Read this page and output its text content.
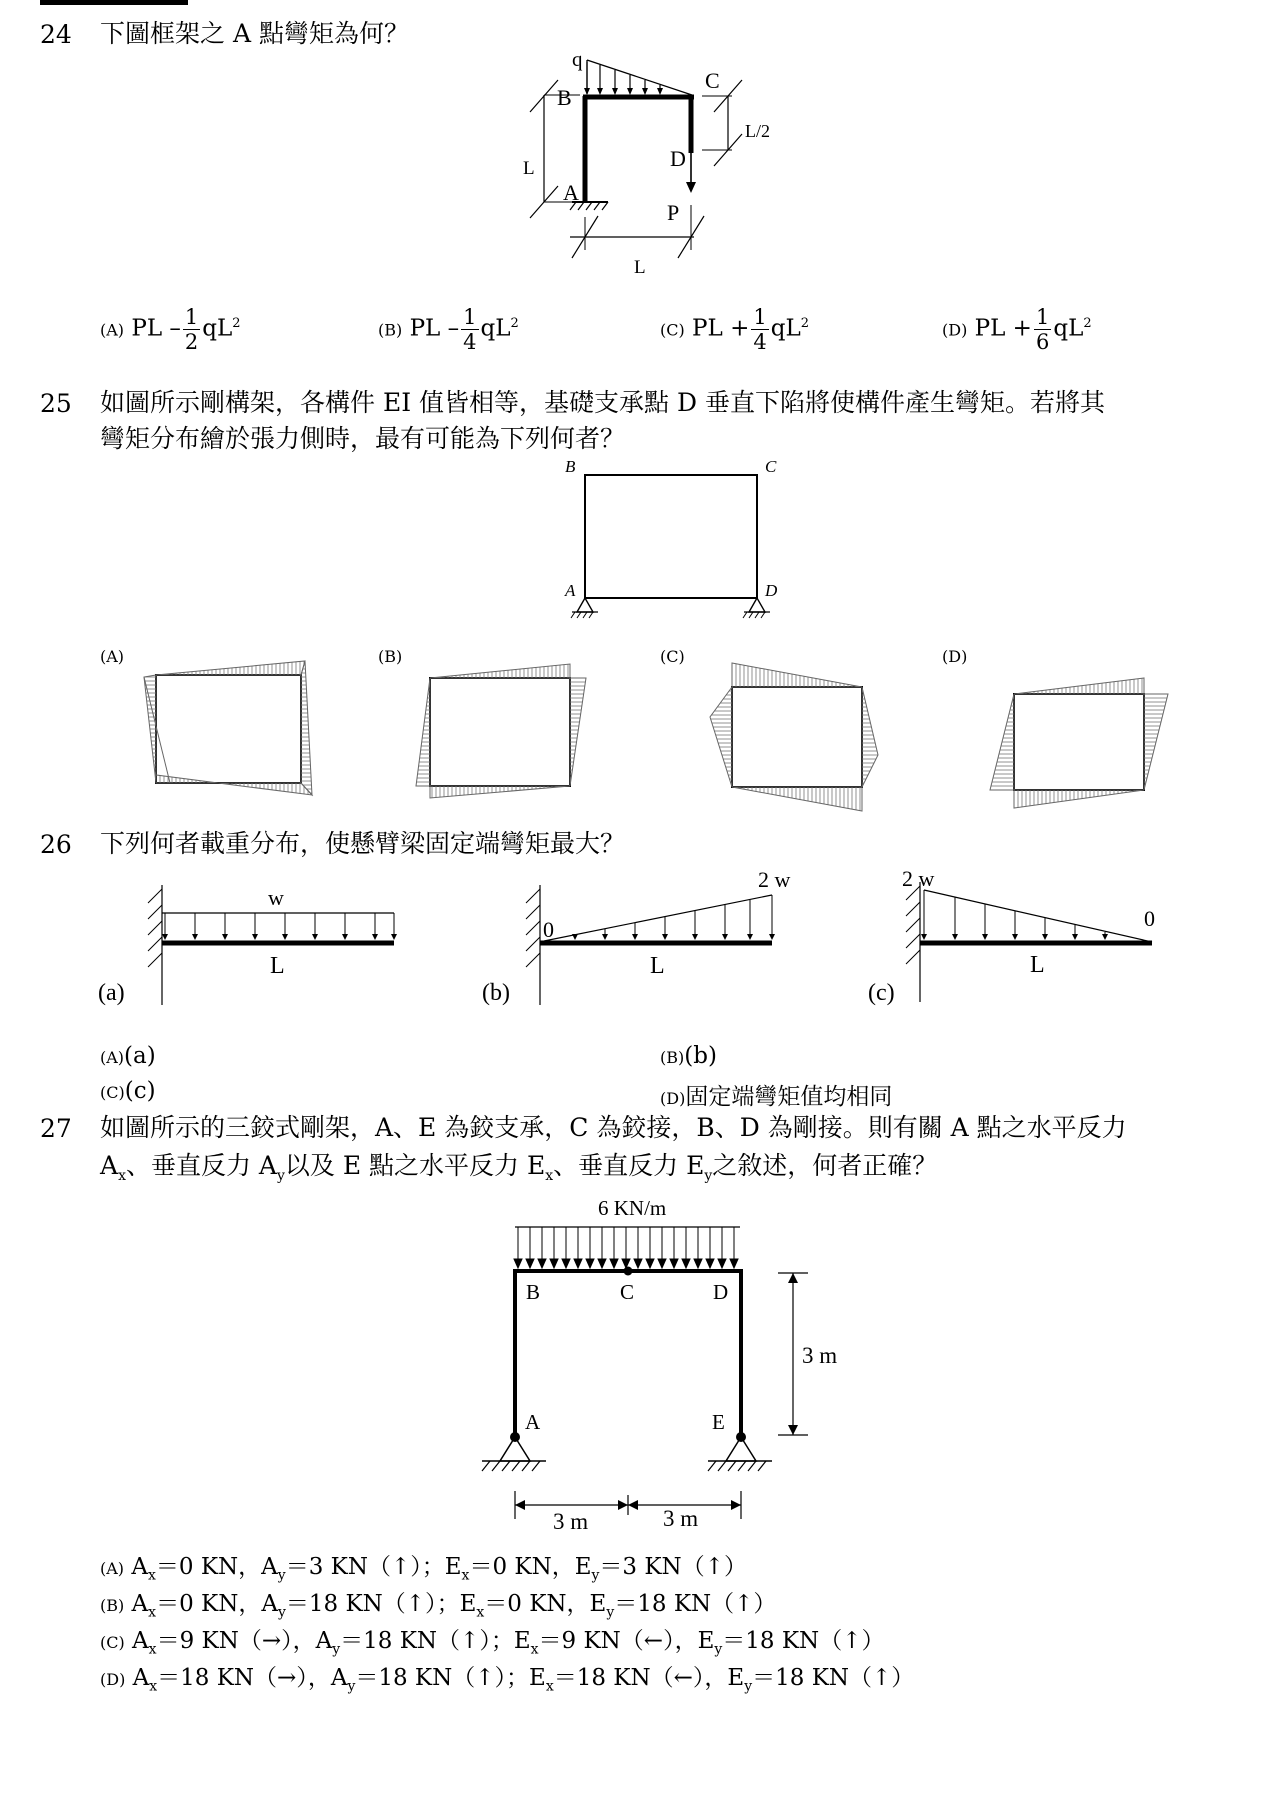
24 下圖框架之 A 點彎矩為何？
q
B
C
D
A
P
L
L/2
L
(A) PL – $\frac{1}{2} qL^2$	(B) PL – $\frac{1}{4} qL^2$	(C) PL + $\frac{1}{4} qL^2$	(D) PL + $\frac{1}{6} qL^2$
25 如圖所示剛構架，各構件 EI 值皆相等，基礎支承點 D 垂直下陷將使構件產生彎矩。若將其
彎矩分布繪於張力側時，最有可能為下列何者？
B	C
A	D
(A)	(B)	(C)	(D)
26 下列何者載重分布，使懸臂梁固定端彎矩最大？
w
L
(a)
0
2 w
L
(b)
2 w
0
L
(c)
(A)(a)	(B)(b)
(C)(c)	(D)固定端彎矩值均相同
27 如圖所示的三鉸式剛架，A、E 為鉸支承，C 為鉸接，B、D 為剛接。則有關 A 點之水平反力
$A_x$、垂直反力 $A_y$以及 E 點之水平反力 $E_x$、垂直反力 $E_y$之敘述，何者正確？
6 KN/m
B	C	D
A	E
3 m
3 m	3 m
(A) $A_x=0$ KN，$A_y=3$ KN（↑）；$E_x=0$ KN，$E_y=3$ KN（↑）
(B) $A_x=0$ KN，$A_y=18$ KN（↑）；$E_x=0$ KN，$E_y=18$ KN（↑）
(C) $A_x=9$ KN（→），$A_y=18$ KN（↑）；$E_x=9$ KN（←），$E_y=18$ KN（↑）
(D) $A_x=18$ KN（→），$A_y=18$ KN（↑）；$E_x=18$ KN（←），$E_y=18$ KN（↑）
